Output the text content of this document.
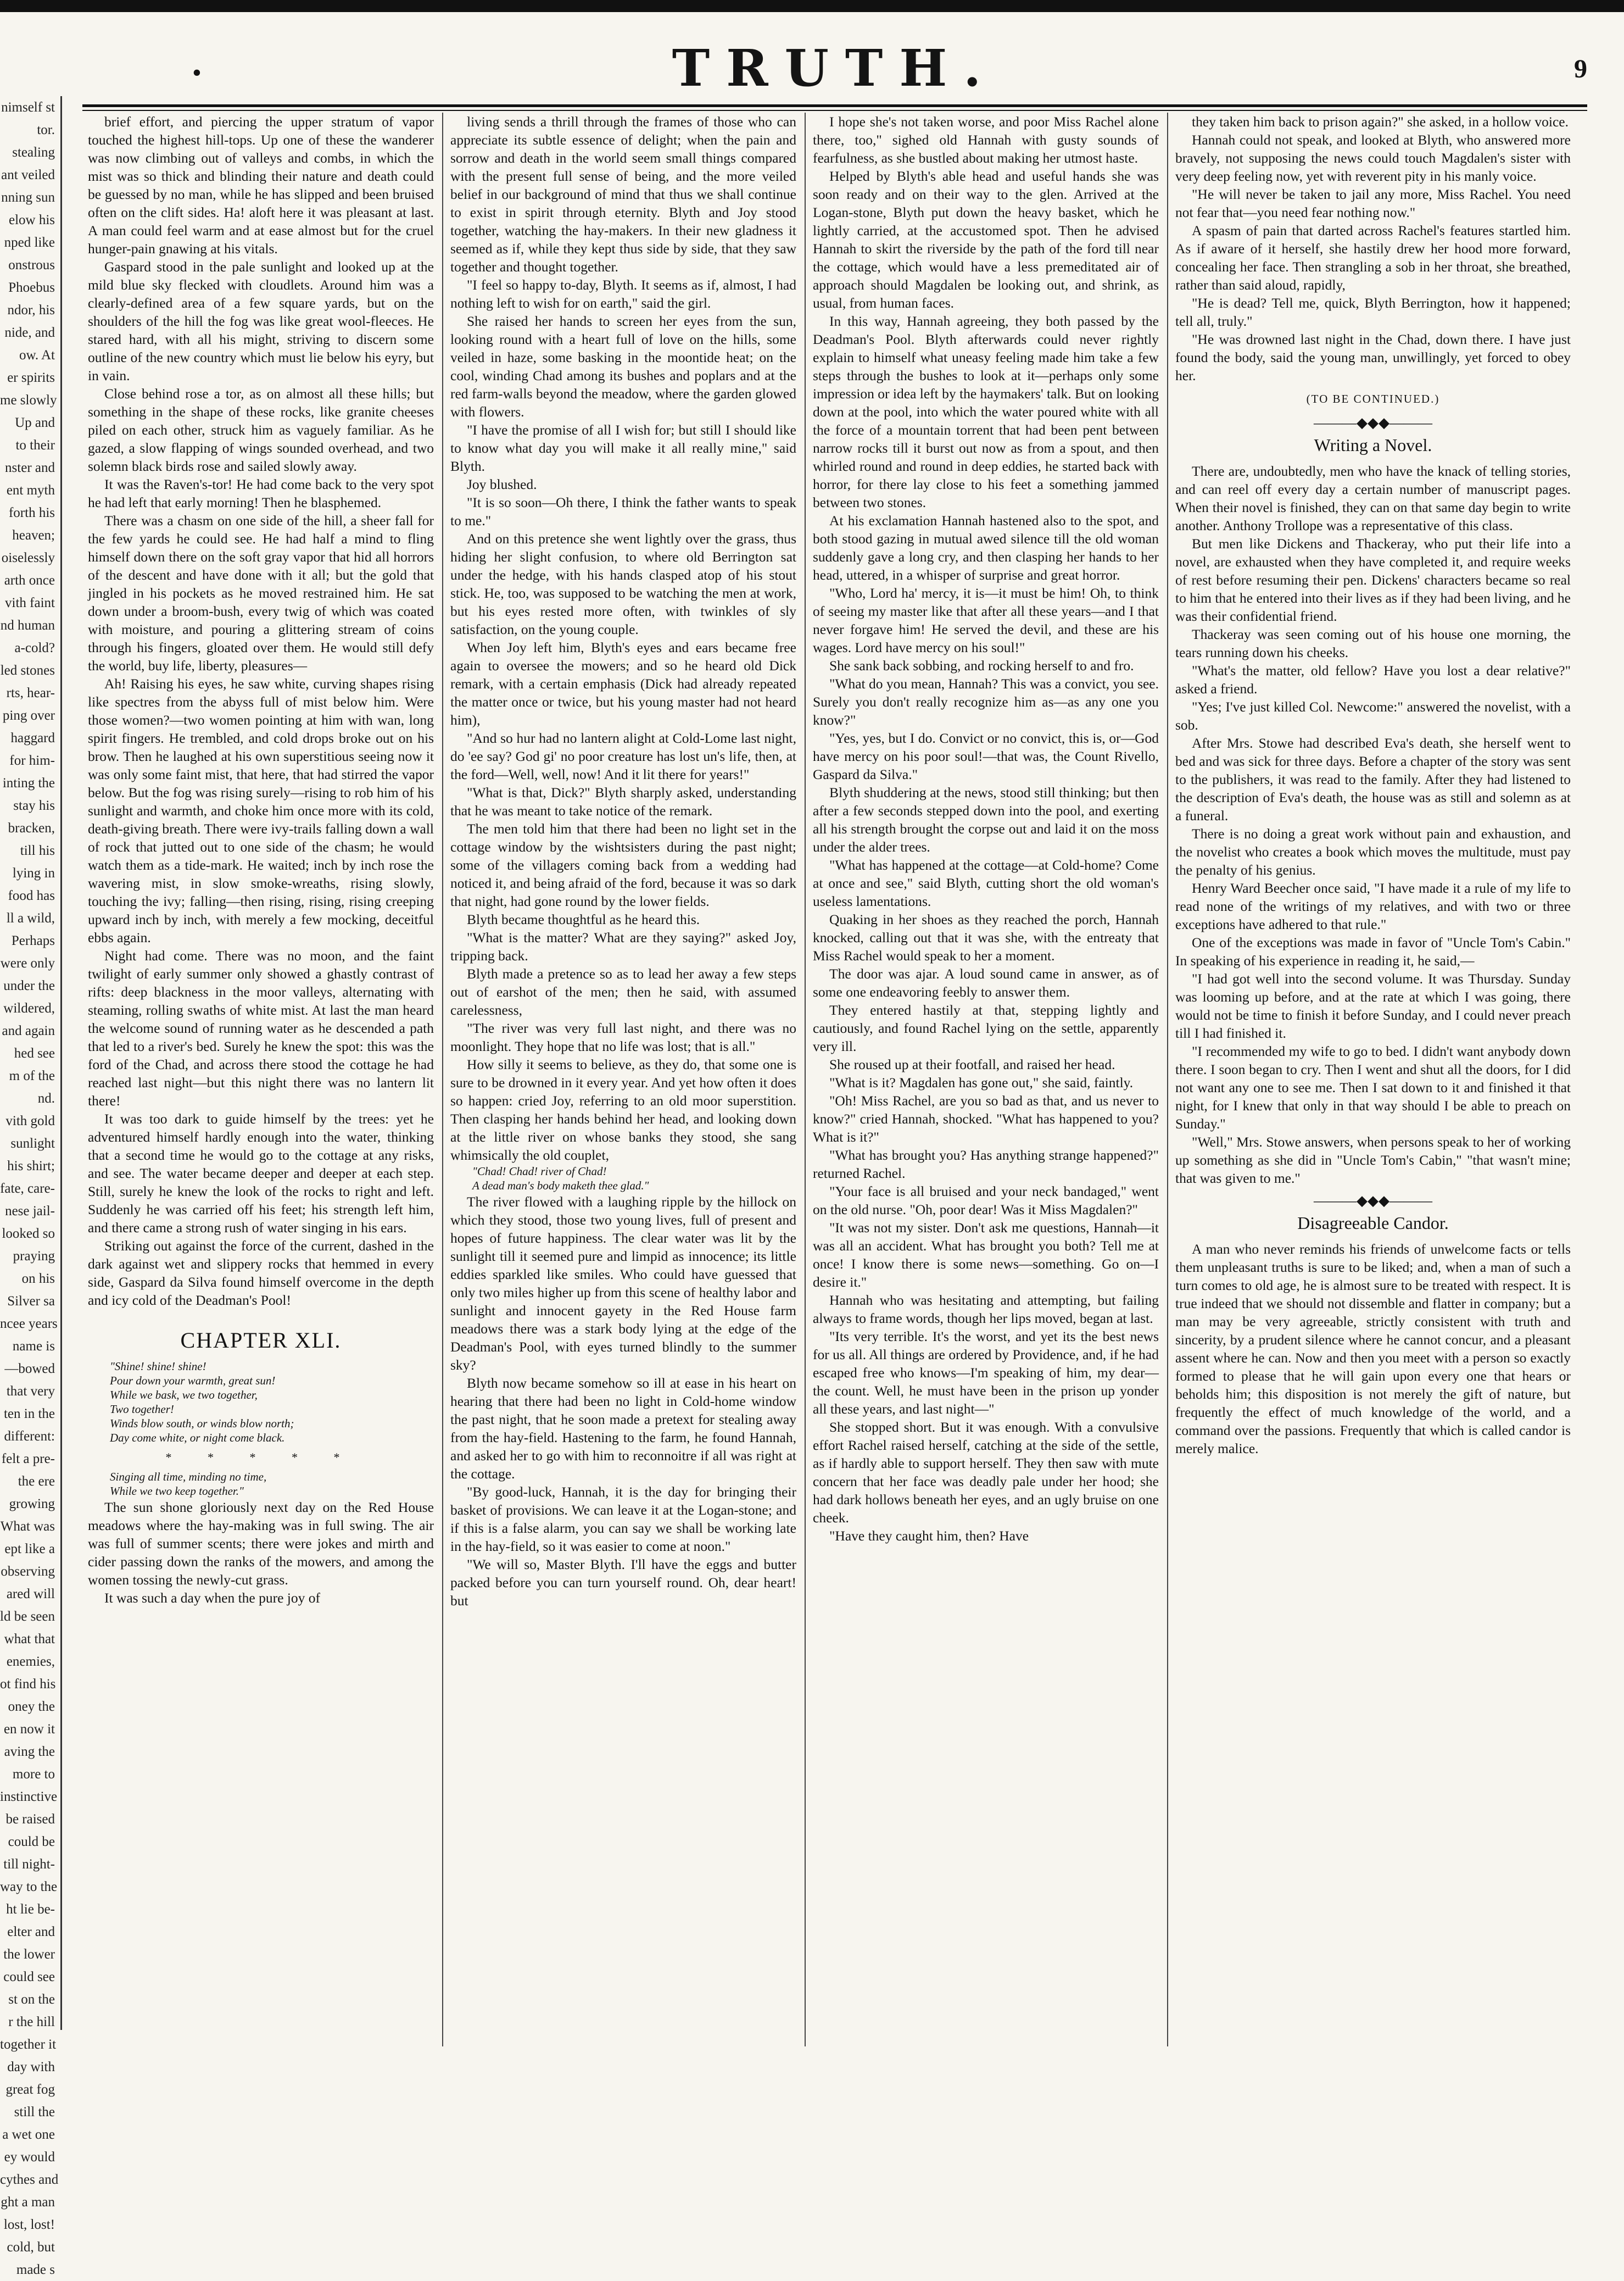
•	TRUTH.	9
nimself st
tor.
stealing
ant veiled
nning sun
elow his
nped like
onstrous
Phoebus
ndor, his
nide, and
ow. At
er spirits
me slowly
Up and
to their
nster and
ent myth
forth his
heaven;
oiselessly
arth once
vith faint
nd human
a-cold?
led stones
rts, hear-
ping over
haggard
for him-
inting the
stay his
bracken,
till his
lying in
food has
ll a wild,
Perhaps
were only
under the
wildered,
and again
hed see
m of the
nd.
vith gold
sunlight
his shirt;
fate, care-
nese jail-
looked so
praying
on his
Silver sa
ncee years
name is
—bowed
that very
ten in the
different:
felt a pre-
the ere
growing
What was
ept like a
observing
ared will
ld be seen
what that
enemies,
ot find his
oney the
en now it
aving the
more to
instinctive
be raised
could be
till night-
way to the
ht lie be-
elter and
the lower
could see
st on the
r the hill
together it
day with
great fog
still the
a wet one
ey would
cythes and
ght a man
lost, lost!
cold, but
made s

brief effort, and piercing the upper stratum of vapor touched the highest hill-tops. Up one of these the wanderer was now climbing out of valleys and combs, in which the mist was so thick and blinding their nature and death could be guessed by no man, while he has slipped and been bruised often on the clift sides. Ha! aloft here it was pleasant at last. A man could feel warm and at ease almost but for the cruel hunger-pain gnawing at his vitals.

Gaspard stood in the pale sunlight and looked up at the mild blue sky flecked with cloudlets. Around him was a clearly-defined area of a few square yards, but on the shoulders of the hill the fog was like great wool-fleeces. He stared hard, with all his might, striving to discern some outline of the new country which must lie below his eyry, but in vain.

Close behind rose a tor, as on almost all these hills; but something in the shape of these rocks, like granite cheeses piled on each other, struck him as vaguely familiar. As he gazed, a slow flapping of wings sounded overhead, and two solemn black birds rose and sailed slowly away.

It was the Raven's-tor! He had come back to the very spot he had left that early morning! Then he blasphemed.

There was a chasm on one side of the hill, a sheer fall for the few yards he could see. He had half a mind to fling himself down there on the soft gray vapor that hid all horrors of the descent and have done with it all; but the gold that jingled in his pockets as he moved restrained him. He sat down under a broom-bush, every twig of which was coated with moisture, and pouring a glittering stream of coins through his fingers, gloated over them. He would still defy the world, buy life, liberty, pleasures—

Ah! Raising his eyes, he saw white, curving shapes rising like spectres from the abyss full of mist below him. Were those women?—two women pointing at him with wan, long spirit fingers. He trembled, and cold drops broke out on his brow. Then he laughed at his own superstitious seeing now it was only some faint mist, that here, that had stirred the vapor below. But the fog was rising surely—rising to rob him of his sunlight and warmth, and choke him once more with its cold, death-giving breath. There were ivy-trails falling down a wall of rock that jutted out to one side of the chasm; he would watch them as a tide-mark. He waited; inch by inch rose the wavering mist, in slow smoke-wreaths, rising slowly, touching the ivy; falling—then rising, rising, rising creeping upward inch by inch, with merely a few mocking, deceitful ebbs again.

Night had come. There was no moon, and the faint twilight of early summer only showed a ghastly contrast of rifts: deep blackness in the moor valleys, alternating with steaming, rolling swaths of white mist. At last the man heard the welcome sound of running water as he descended a path that led to a river's bed. Surely he knew the spot: this was the ford of the Chad, and across there stood the cottage he had reached last night—but this night there was no lantern lit there!

It was too dark to guide himself by the trees: yet he adventured himself hardly enough into the water, thinking that a second time he would go to the cottage at any risks, and see. The water became deeper and deeper at each step. Still, surely he knew the look of the rocks to right and left. Suddenly he was carried off his feet; his strength left him, and there came a strong rush of water singing in his ears.

Striking out against the force of the current, dashed in the dark against wet and slippery rocks that hemmed in every side, Gaspard da Silva found himself overcome in the depth and icy cold of the Deadman's Pool!

CHAPTER XLI.
"Shine! shine! shine!
Pour down your warmth, great sun!
While we bask, we two together,
Two together!
Winds blow south, or winds blow north;
Day come white, or night come black.
* * * * *
Singing all time, minding no time,
While we two keep together."

The sun shone gloriously next day on the Red House meadows where the hay-making was in full swing. The air was full of summer scents; there were jokes and mirth and cider passing down the ranks of the mowers, and among the women tossing the newly-cut grass.

It was such a day when the pure joy of

living sends a thrill through the frames of those who can appreciate its subtle essence of delight; when the pain and sorrow and death in the world seem small things compared with the present full sense of being, and the more veiled belief in our background of mind that thus we shall continue to exist in spirit through eternity. Blyth and Joy stood together, watching the hay-makers. In their new gladness it seemed as if, while they kept thus side by side, that they saw together and thought together.

"I feel so happy to-day, Blyth. It seems as if, almost, I had nothing left to wish for on earth," said the girl.

She raised her hands to screen her eyes from the sun, looking round with a heart full of love on the hills, some veiled in haze, some basking in the moontide heat; on the cool, winding Chad among its bushes and poplars and at the red farm-walls beyond the meadow, where the garden glowed with flowers.

"I have the promise of all I wish for; but still I should like to know what day you will make it all really mine," said Blyth.

Joy blushed.

"It is so soon—Oh there, I think the father wants to speak to me."

And on this pretence she went lightly over the grass, thus hiding her slight confusion, to where old Berrington sat under the hedge, with his hands clasped atop of his stout stick. He, too, was supposed to be watching the men at work, but his eyes rested more often, with twinkles of sly satisfaction, on the young couple.

When Joy left him, Blyth's eyes and ears became free again to oversee the mowers; and so he heard old Dick remark, with a certain emphasis (Dick had already repeated the matter once or twice, but his young master had not heard him),

"And so hur had no lantern alight at Cold-Lome last night, do 'ee say? God gi' no poor creature has lost un's life, then, at the ford—Well, well, now! And it lit there for years!"

"What is that, Dick?" Blyth sharply asked, understanding that he was meant to take notice of the remark.

The men told him that there had been no light set in the cottage window by the wishtsisters during the past night; some of the villagers coming back from a wedding had noticed it, and being afraid of the ford, because it was so dark that night, had gone round by the lower fields.

Blyth became thoughtful as he heard this.

"What is the matter? What are they saying?" asked Joy, tripping back.

Blyth made a pretence so as to lead her away a few steps out of earshot of the men; then he said, with assumed carelessness,

"The river was very full last night, and there was no moonlight. They hope that no life was lost; that is all."

How silly it seems to believe, as they do, that some one is sure to be drowned in it every year. And yet how often it does so happen: cried Joy, referring to an old moor superstition. Then clasping her hands behind her head, and looking down at the little river on whose banks they stood, she sang whimsically the old couplet,

"Chad! Chad! river of Chad!
A dead man's body maketh thee glad."

The river flowed with a laughing ripple by the hillock on which they stood, those two young lives, full of present and hopes of future happiness. The clear water was lit by the sunlight till it seemed pure and limpid as innocence; its little eddies sparkled like smiles. Who could have guessed that only two miles higher up from this scene of healthy labor and sunlight and innocent gayety in the Red House farm meadows there was a stark body lying at the edge of the Deadman's Pool, with eyes turned blindly to the summer sky?

Blyth now became somehow so ill at ease in his heart on hearing that there had been no light in Cold-home window the past night, that he soon made a pretext for stealing away from the hay-field. Hastening to the farm, he found Hannah, and asked her to go with him to reconnoitre if all was right at the cottage.

"By good-luck, Hannah, it is the day for bringing their basket of provisions. We can leave it at the Logan-stone; and if this is a false alarm, you can say we shall be working late in the hay-field, so it was easier to come at noon."

"We will so, Master Blyth. I'll have the eggs and butter packed before you can turn yourself round. Oh, dear heart! but

I hope she's not taken worse, and poor Miss Rachel alone there, too," sighed old Hannah with gusty sounds of fearfulness, as she bustled about making her utmost haste.

Helped by Blyth's able head and useful hands she was soon ready and on their way to the glen. Arrived at the Logan-stone, Blyth put down the heavy basket, which he lightly carried, at the accustomed spot. Then he advised Hannah to skirt the riverside by the path of the ford till near the cottage, which would have a less premeditated air of approach should Magdalen be looking out, and shrink, as usual, from human faces.

In this way, Hannah agreeing, they both passed by the Deadman's Pool. Blyth afterwards could never rightly explain to himself what uneasy feeling made him take a few steps through the bushes to look at it—perhaps only some impression or idea left by the haymakers' talk. But on looking down at the pool, into which the water poured white with all the force of a mountain torrent that had been pent between narrow rocks till it burst out now as from a spout, and then whirled round and round in deep eddies, he started back with horror, for there lay close to his feet a something jammed between two stones.

At his exclamation Hannah hastened also to the spot, and both stood gazing in mutual awed silence till the old woman suddenly gave a long cry, and then clasping her hands to her head, uttered, in a whisper of surprise and great horror.

"Who, Lord ha' mercy, it is—it must be him! Oh, to think of seeing my master like that after all these years—and I that never forgave him! He served the devil, and these are his wages. Lord have mercy on his soul!"

She sank back sobbing, and rocking herself to and fro.

"What do you mean, Hannah? This was a convict, you see. Surely you don't really recognize him as—as any one you know?"

"Yes, yes, but I do. Convict or no convict, this is, or—God have mercy on his poor soul!—that was, the Count Rivello, Gaspard da Silva."

Blyth shuddering at the news, stood still thinking; but then after a few seconds stepped down into the pool, and exerting all his strength brought the corpse out and laid it on the moss under the alder trees.

"What has happened at the cottage—at Cold-home? Come at once and see," said Blyth, cutting short the old woman's useless lamentations.

Quaking in her shoes as they reached the porch, Hannah knocked, calling out that it was she, with the entreaty that Miss Rachel would speak to her a moment.

The door was ajar. A loud sound came in answer, as of some one endeavoring feebly to answer them.

They entered hastily at that, stepping lightly and cautiously, and found Rachel lying on the settle, apparently very ill.

She roused up at their footfall, and raised her head.

"What is it? Magdalen has gone out," she said, faintly.

"Oh! Miss Rachel, are you so bad as that, and us never to know?" cried Hannah, shocked. "What has happened to you? What is it?"

"What has brought you? Has anything strange happened?" returned Rachel.

"Your face is all bruised and your neck bandaged," went on the old nurse. "Oh, poor dear! Was it Miss Magdalen?"

"It was not my sister. Don't ask me questions, Hannah—it was all an accident. What has brought you both? Tell me at once! I know there is some news—something. Go on—I desire it."

Hannah who was hesitating and attempting, but failing always to frame words, though her lips moved, began at last.

"Its very terrible. It's the worst, and yet its the best news for us all. All things are ordered by Providence, and, if he had escaped free who knows—I'm speaking of him, my dear—the count. Well, he must have been in the prison up yonder all these years, and last night—"

She stopped short. But it was enough. With a convulsive effort Rachel raised herself, catching at the side of the settle, as if hardly able to support herself. They then saw with mute concern that her face was deadly pale under her hood; she had dark hollows beneath her eyes, and an ugly bruise on one cheek.

"Have they caught him, then? Have

they taken him back to prison again?" she asked, in a hollow voice.

Hannah could not speak, and looked at Blyth, who answered more bravely, not supposing the news could touch Magdalen's sister with very deep feeling now, yet with reverent pity in his manly voice.

"He will never be taken to jail any more, Miss Rachel. You need not fear that—you need fear nothing now."

A spasm of pain that darted across Rachel's features startled him. As if aware of it herself, she hastily drew her hood more forward, concealing her face. Then strangling a sob in her throat, she breathed, rather than said aloud, rapidly,

"He is dead? Tell me, quick, Blyth Berrington, how it happened; tell all, truly."

"He was drowned last night in the Chad, down there. I have just found the body, said the young man, unwillingly, yet forced to obey her.

(TO BE CONTINUED.)
———◆◆◆———
Writing a Novel.

There are, undoubtedly, men who have the knack of telling stories, and can reel off every day a certain number of manuscript pages. When their novel is finished, they can on that same day begin to write another. Anthony Trollope was a representative of this class.

But men like Dickens and Thackeray, who put their life into a novel, are exhausted when they have completed it, and require weeks of rest before resuming their pen. Dickens' characters became so real to him that he entered into their lives as if they had been living, and he was their confidential friend.

Thackeray was seen coming out of his house one morning, the tears running down his cheeks.

"What's the matter, old fellow? Have you lost a dear relative?" asked a friend.

"Yes; I've just killed Col. Newcome:" answered the novelist, with a sob.

After Mrs. Stowe had described Eva's death, she herself went to bed and was sick for three days. Before a chapter of the story was sent to the publishers, it was read to the family. After they had listened to the description of Eva's death, the house was as still and solemn as at a funeral.

There is no doing a great work without pain and exhaustion, and the novelist who creates a book which moves the multitude, must pay the penalty of his genius.

Henry Ward Beecher once said, "I have made it a rule of my life to read none of the writings of my relatives, and with two or three exceptions have adhered to that rule."

One of the exceptions was made in favor of "Uncle Tom's Cabin." In speaking of his experience in reading it, he said,—

"I had got well into the second volume. It was Thursday. Sunday was looming up before, and at the rate at which I was going, there would not be time to finish it before Sunday, and I could never preach till I had finished it.

"I recommended my wife to go to bed. I didn't want anybody down there. I soon began to cry. Then I went and shut all the doors, for I did not want any one to see me. Then I sat down to it and finished it that night, for I knew that only in that way should I be able to preach on Sunday."

"Well," Mrs. Stowe answers, when persons speak to her of working up something as she did in "Uncle Tom's Cabin," "that wasn't mine; that was given to me."

———◆◆◆———
Disagreeable Candor.

A man who never reminds his friends of unwelcome facts or tells them unpleasant truths is sure to be liked; and, when a man of such a turn comes to old age, he is almost sure to be treated with respect. It is true indeed that we should not dissemble and flatter in company; but a man may be very agreeable, strictly consistent with truth and sincerity, by a prudent silence where he cannot concur, and a pleasant assent where he can. Now and then you meet with a person so exactly formed to please that he will gain upon every one that hears or beholds him; this disposition is not merely the gift of nature, but frequently the effect of much knowledge of the world, and a command over the passions. Frequently that which is called candor is merely malice.
